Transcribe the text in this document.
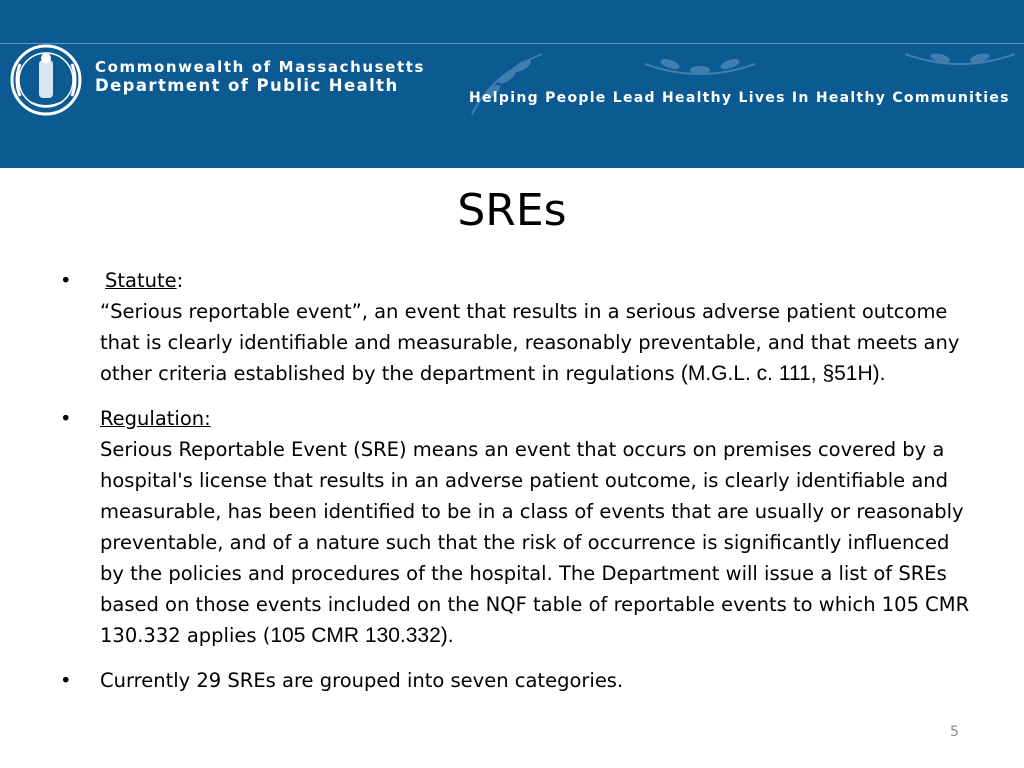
Commonwealth of Massachusetts
Department of Public Health
Helping People Lead Healthy Lives In Healthy Communities
SREs
• Statute:
“Serious reportable event”, an event that results in a serious adverse patient outcome that is clearly identifiable and measurable, reasonably preventable, and that meets any other criteria established by the department in regulations (M.G.L. c. 111, §51H).
• Regulation:
Serious Reportable Event (SRE) means an event that occurs on premises covered by a hospital's license that results in an adverse patient outcome, is clearly identifiable and measurable, has been identified to be in a class of events that are usually or reasonably preventable, and of a nature such that the risk of occurrence is significantly influenced by the policies and procedures of the hospital. The Department will issue a list of SREs based on those events included on the NQF table of reportable events to which 105 CMR 130.332 applies (105 CMR 130.332).
• Currently 29 SREs are grouped into seven categories.
5
